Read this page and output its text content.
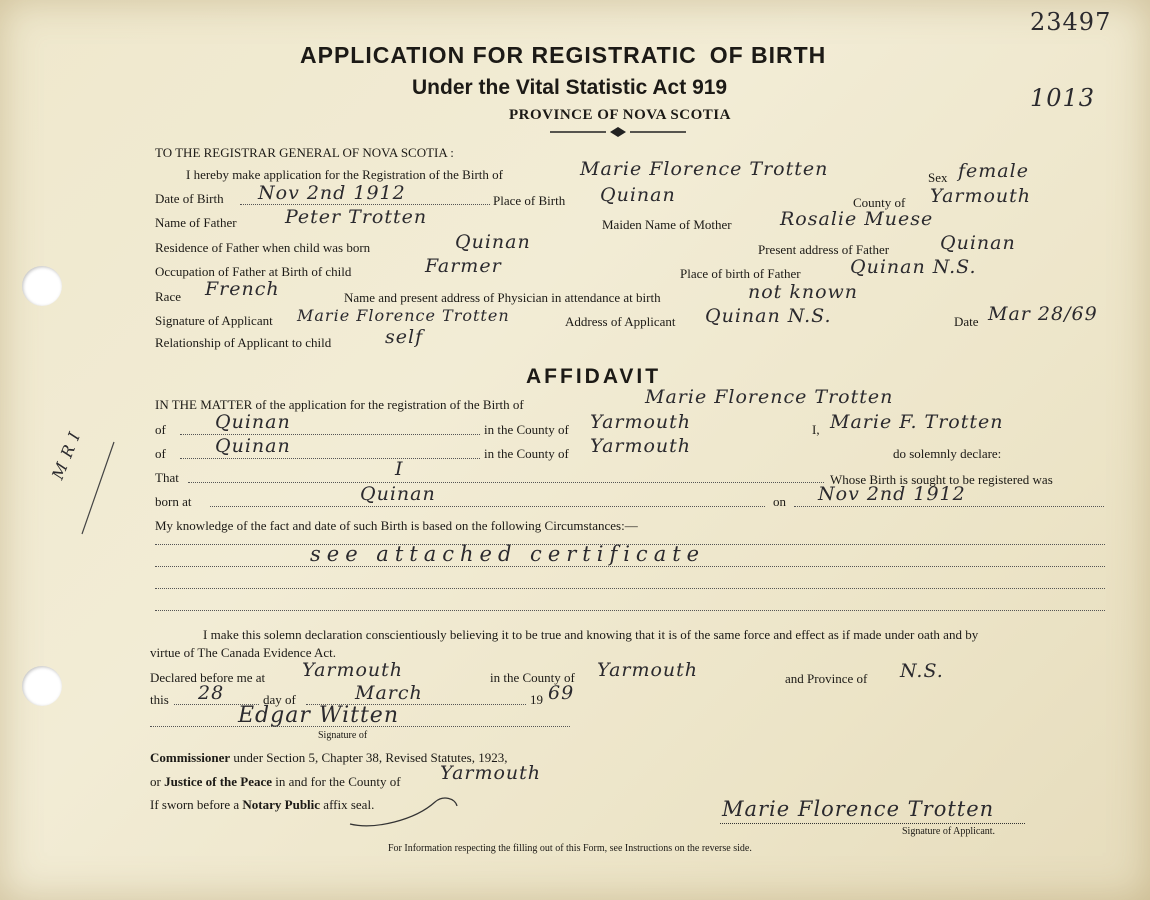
23497
1013
APPLICATION FOR REGISTRATIC  OF BIRTH
Under the Vital Statistic Act 919
PROVINCE OF NOVA SCOTIA
TO THE REGISTRAR GENERAL OF NOVA SCOTIA :
I hereby make application for the Registration of the Birth of	Marie Florence Trotten	Sex female
Date of Birth Nov 2nd 1912	Place of Birth Quinan	County of Yarmouth
Name of Father	Peter Trotten	Maiden Name of Mother	Rosalie Muese
Residence of Father when child was born	Quinan	Present address of Father	Quinan
Occupation of Father at Birth of child	Farmer	Place of birth of Father	Quinan N.S.
Race French	Name and present address of Physician in attendance at birth	not known
Signature of Applicant Marie Florence Trotten	Address of Applicant Quinan N.S.	Date Mar 28/69
Relationship of Applicant to child	self
AFFIDAVIT
IN THE MATTER of the application for the registration of the Birth of	Marie Florence Trotten
of	Quinan	in the County of Yarmouth	I, Marie F. Trotten
of	Quinan	in the County of Yarmouth	do solemnly declare:
That	I	Whose Birth is sought to be registered was
born at	Quinan	on Nov 2nd 1912
My knowledge of the fact and date of such Birth is based on the following Circumstances:—
see attached certificate
I make this solemn declaration conscientiously believing it to be true and knowing that it is of the same force and effect as if made under oath and by
virtue of The Canada Evidence Act.
Declared before me at Yarmouth	in the County of Yarmouth	and Province of N.S.
this 28	day of	March	19 69
Edgar Witten
Signature of
Commissioner under Section 5, Chapter 38, Revised Statutes, 1923,
or Justice of the Peace in and for the County of Yarmouth
If sworn before a Notary Public affix seal.	Marie Florence Trotten
Signature of Applicant.
For Information respecting the filling out of this Form, see Instructions on the reverse side.
M R I
